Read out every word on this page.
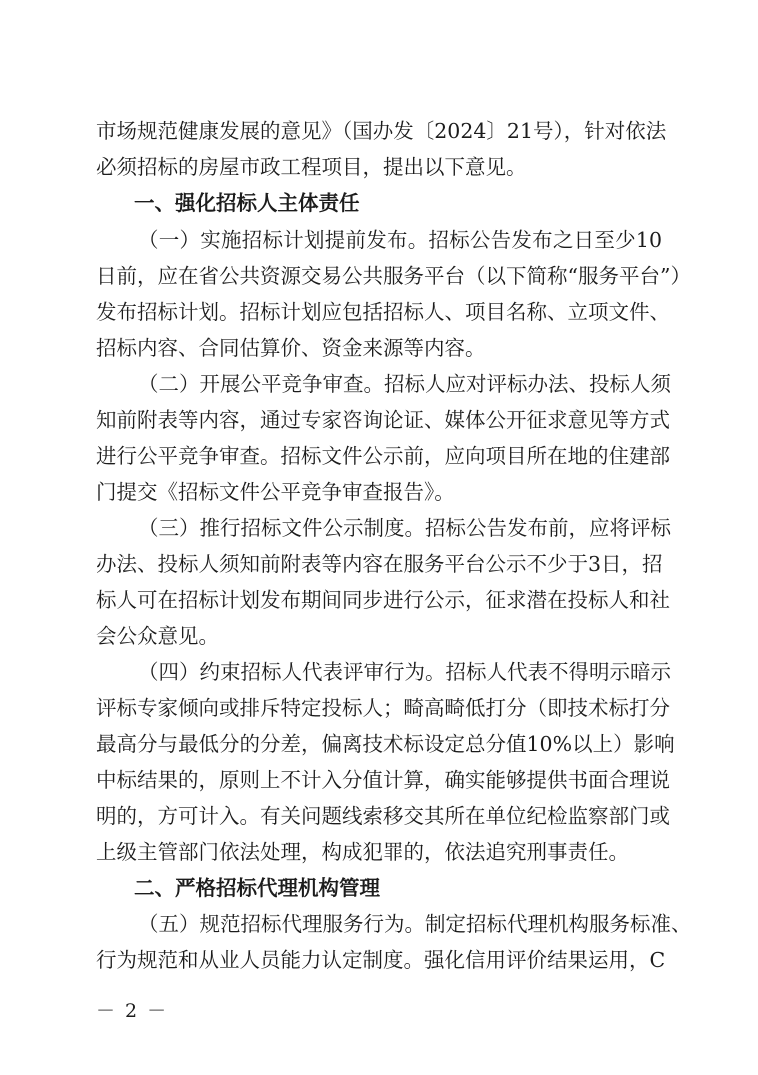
市场规范健康发展的意见》（国办发〔2024〕21号），针对依法
必须招标的房屋市政工程项目，提出以下意见。
一、强化招标人主体责任
（一）实施招标计划提前发布。招标公告发布之日至少10
日前，应在省公共资源交易公共服务平台（以下简称“服务平台”）
发布招标计划。招标计划应包括招标人、项目名称、立项文件、
招标内容、合同估算价、资金来源等内容。
（二）开展公平竞争审查。招标人应对评标办法、投标人须
知前附表等内容，通过专家咨询论证、媒体公开征求意见等方式
进行公平竞争审查。招标文件公示前，应向项目所在地的住建部
门提交《招标文件公平竞争审查报告》。
（三）推行招标文件公示制度。招标公告发布前，应将评标
办法、投标人须知前附表等内容在服务平台公示不少于3日，招
标人可在招标计划发布期间同步进行公示，征求潜在投标人和社
会公众意见。
（四）约束招标人代表评审行为。招标人代表不得明示暗示
评标专家倾向或排斥特定投标人；畸高畸低打分（即技术标打分
最高分与最低分的分差，偏离技术标设定总分值10%以上）影响
中标结果的，原则上不计入分值计算，确实能够提供书面合理说
明的，方可计入。有关问题线索移交其所在单位纪检监察部门或
上级主管部门依法处理，构成犯罪的，依法追究刑事责任。
二、严格招标代理机构管理
（五）规范招标代理服务行为。制定招标代理机构服务标准、
行为规范和从业人员能力认定制度。强化信用评价结果运用，C
－ 2 －
